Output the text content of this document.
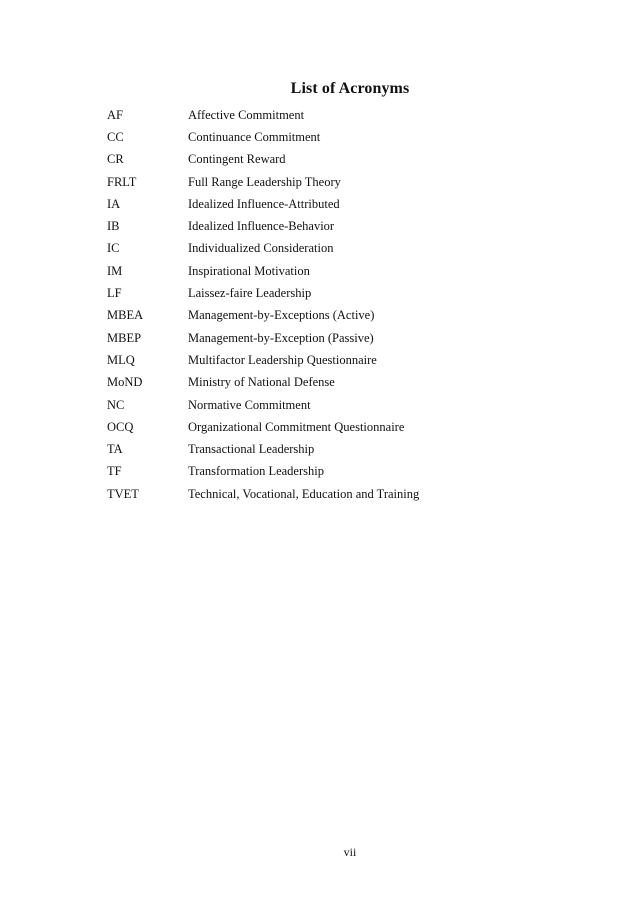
List of Acronyms
AF	Affective Commitment
CC	Continuance Commitment
CR	Contingent Reward
FRLT	Full Range Leadership Theory
IA	Idealized Influence-Attributed
IB	Idealized Influence-Behavior
IC	Individualized Consideration
IM	Inspirational Motivation
LF	Laissez-faire Leadership
MBEA	Management-by-Exceptions (Active)
MBEP	Management-by-Exception (Passive)
MLQ	Multifactor Leadership Questionnaire
MoND	Ministry of National Defense
NC	Normative Commitment
OCQ	Organizational Commitment Questionnaire
TA	Transactional Leadership
TF	Transformation Leadership
TVET	Technical, Vocational, Education and Training
vii
